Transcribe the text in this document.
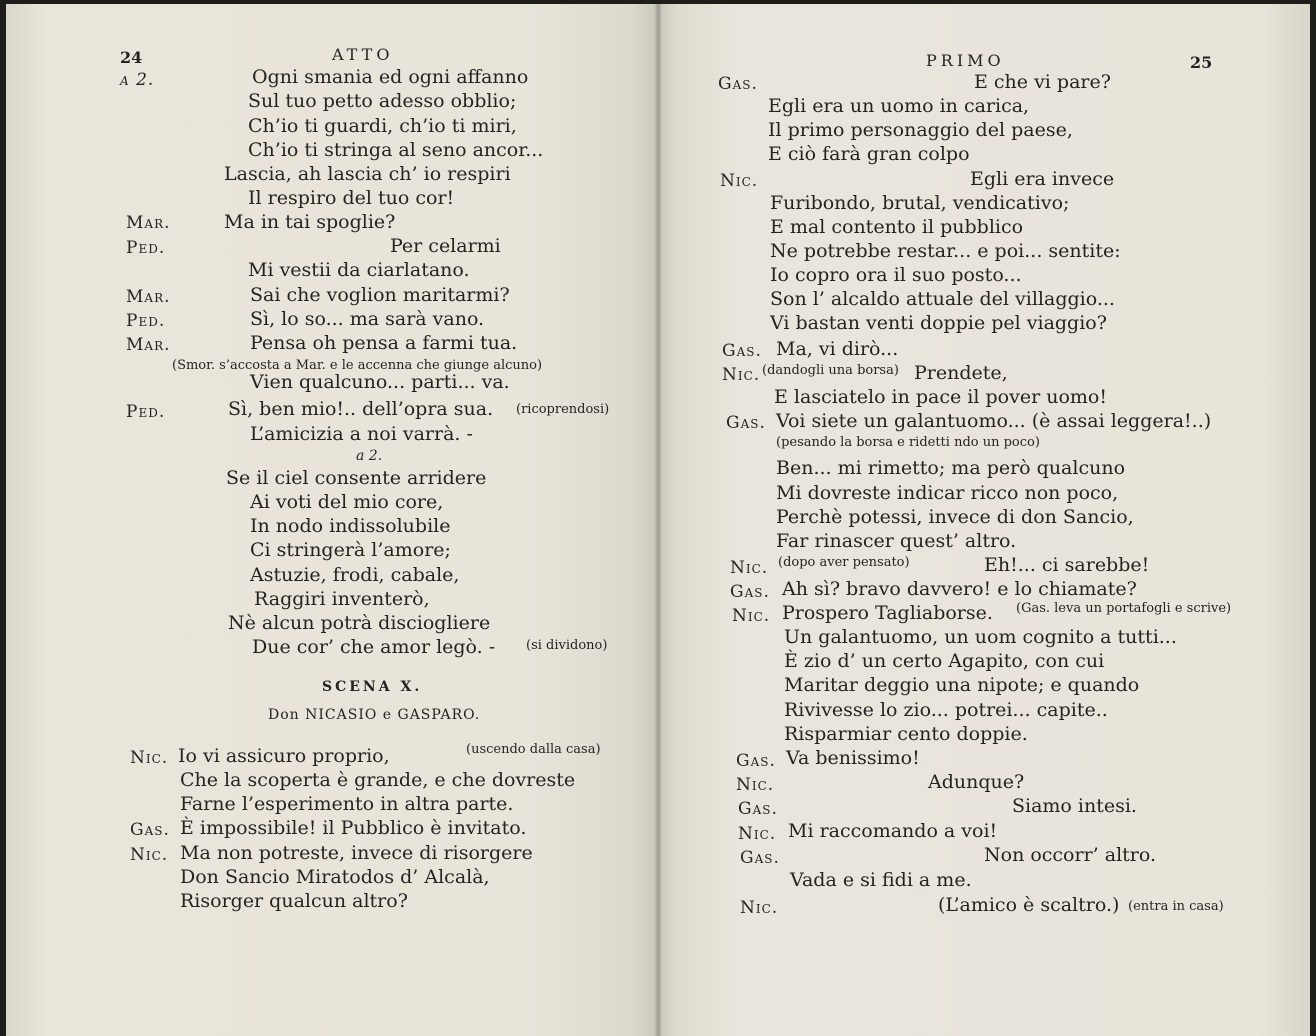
24	ATTO
a 2.	Ogni smania ed ogni affanno
Sul tuo petto adesso obblio;
Ch’io ti guardi, ch’io ti miri,
Ch’io ti stringa al seno ancor...
Lascia, ah lascia ch’ io respiri
Il respiro del tuo cor!
Mar.	Ma in tai spoglie?
Ped.	Per celarmi
Mi vestii da ciarlatano.
Mar.	Sai che voglion maritarmi?
Ped.	Sì, lo so... ma sarà vano.
Mar.	Pensa oh pensa a farmi tua.
(Smor. s’accosta a Mar. e le accenna che giunge alcuno)
Vien qualcuno... parti... va.
Ped.	Sì, ben mio!.. dell’opra sua. (ricoprendosi)
L’amicizia a noi varrà. -
a 2.
Se il ciel consente arridere
Ai voti del mio core,
In nodo indissolubile
Ci stringerà l’amore;
Astuzie, frodi, cabale,
Raggiri inventerò,
Nè alcun potrà disciogliere
Due cor’ che amor legò. - (si dividono)
SCENA X.
Don NICASIO e GASPARO.
Nic. Io vi assicuro proprio,	(uscendo dalla casa)
Che la scoperta è grande, e che dovreste
Farne l’esperimento in altra parte.
Gas. È impossibile! il Pubblico è invitato.
Nic. Ma non potreste, invece di risorgere
Don Sancio Miratodos d’ Alcalà,
Risorger qualcun altro?
PRIMO	25
Gas.	E che vi pare?
Egli era un uomo in carica,
Il primo personaggio del paese,
E ciò farà gran colpo
Nic.	Egli era invece
Furibondo, brutal, vendicativo;
E mal contento il pubblico
Ne potrebbe restar... e poi... sentite:
Io copro ora il suo posto...
Son l’ alcaldo attuale del villaggio...
Vi bastan venti doppie pel viaggio?
Gas. Ma, vi dirò...
Nic. (dandogli una borsa) Prendete,
E lasciatelo in pace il pover uomo!
Gas. Voi siete un galantuomo... (è assai leggera!..)
(pesando la borsa e ridetti ndo un poco)
Ben... mi rimetto; ma però qualcuno
Mi dovreste indicar ricco non poco,
Perchè potessi, invece di don Sancio,
Far rinascer quest’ altro.
Nic. (dopo aver pensato)	Eh!... ci sarebbe!
Gas. Ah sì? bravo davvero! e lo chiamate?
Nic. Prospero Tagliaborse. (Gas. leva un portafogli e scrive)
Un galantuomo, un uom cognito a tutti...
È zio d’ un certo Agapito, con cui
Maritar deggio una nipote; e quando
Rivivesse lo zio... potrei... capite..
Risparmiar cento doppie.
Gas. Va benissimo!
Nic.	Adunque?
Gas.	Siamo intesi.
Nic. Mi raccomando a voi!
Gas.	Non occorr’ altro.
Vada e si fidi a me.
Nic.	(L’amico è scaltro.) (entra in casa)
